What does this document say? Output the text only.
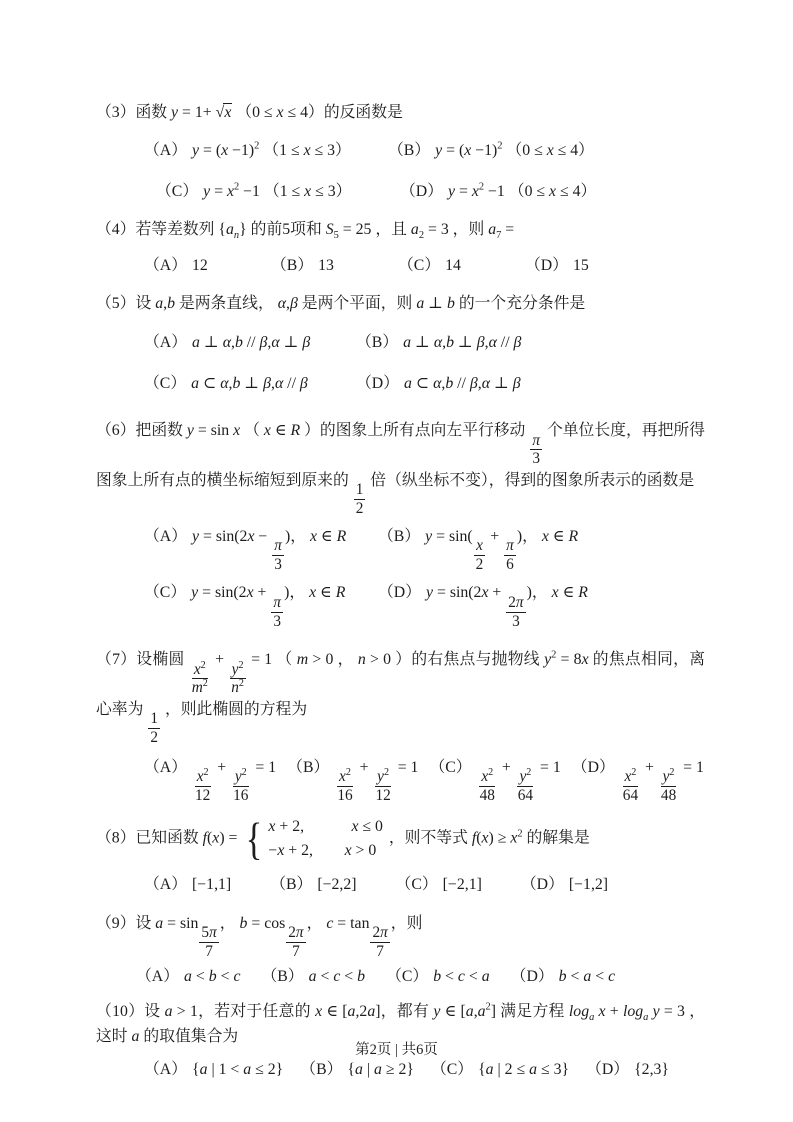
（3）函数 y = 1+ √x （0 ≤ x ≤ 4）的反函数是

（A） $y = (x -1)^2$ （1 ≤ x ≤ 3）	（B） $y = (x -1)^2$ （0 ≤ x ≤ 4）
（C） $y = x^2 -1$ （1 ≤ x ≤ 3）	（D） $y = x^2 -1$ （0 ≤ x ≤ 4）

（4）若等差数列 $\{a_n\}$ 的前5项和 $S_5 = 25$ ，且 $a_2 = 3$ ，则 $a_7$ =

（A） 12	（B） 13	（C） 14	（D） 15

（5）设 a,b 是两条直线， α,β 是两个平面，则 a ⊥ b 的一个充分条件是

（A） a ⊥ α,b // β,α ⊥ β	（B） a ⊥ α,b ⊥ β,α // β
（C） a ⊂ α,b ⊥ β,α // β	（D） a ⊂ α,b // β,α ⊥ β

（6）把函数 y = sin x （ x ∈ R ）的图象上所有点向左平行移动
$\frac{\pi}{3}$
个单位长度，再把所得图象上所有点的横坐标缩短到原来的
$\frac{1}{2}$
倍（纵坐标不变），得到的图象所表示的函数是

（A） y = sin(2x −
$\frac{\pi}{3}$
)， x ∈ R	（B） y = sin(
$\frac{x}{2}$
+
$\frac{\pi}{6}$
)， x ∈ R
（C） y = sin(2x +
$\frac{\pi}{3}$
)， x ∈ R	（D） y = sin(2x +
$\frac{2\pi}{3}$
)， x ∈ R

（7）设椭圆
$\frac{x^2}{m^2}$
+
$\frac{y^2}{n^2}$
= 1 （ m > 0 ， n > 0 ）的右焦点与抛物线 $y^2 = 8x$ 的焦点相同，离心率为
$\frac{1}{2}$
，则此椭圆的方程为

（A）
$\frac{x^2}{12}$
+
$\frac{y^2}{16}$
= 1 （B）
$\frac{x^2}{16}$
+
$\frac{y^2}{12}$
= 1 （C）
$\frac{x^2}{48}$
+
$\frac{y^2}{64}$
= 1 （D）
$\frac{x^2}{64}$
+
$\frac{y^2}{48}$
= 1

（8）已知函数 f(x) = { x + 2,   x ≤ 0
−x + 2,  x > 0
，则不等式 $f(x) \ge x^2$ 的解集是

（A） [−1,1] （B） [−2,2] （C） [−2,1] （D） [−1,2]

（9）设 a = sin
$\frac{5\pi}{7}$
， b = cos
$\frac{2\pi}{7}$
， c = tan
$\frac{2\pi}{7}$
，则

（A） a < b < c （B） a < c < b （C） b < c < a （D） b < a < c

（10）设 a > 1，若对于任意的 x ∈ [a,2a]，都有 y ∈ $[a,a^2]$ 满足方程 $\log_a x + \log_a y = 3$ ，这时 a 的取值集合为

（A） {a | 1 < a ≤ 2} （B） {a | a ≥ 2} （C） {a | 2 ≤ a ≤ 3} （D） {2,3}
第2页 | 共6页
